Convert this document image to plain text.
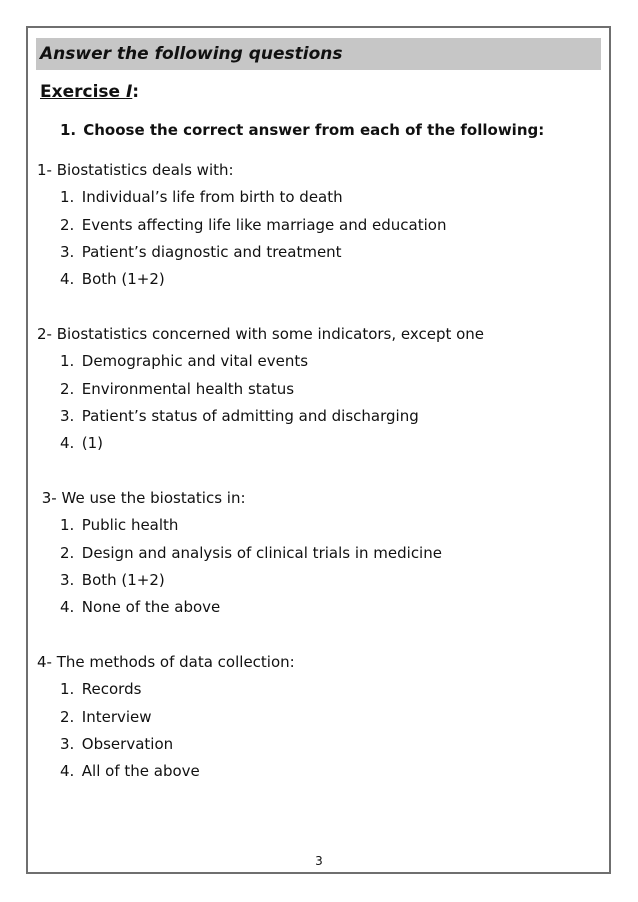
Answer the following questions
Exercise I:
1. Choose the correct answer from each of the following:
1- Biostatistics deals with:
1. Individual’s life from birth to death
2. Events affecting life like marriage and education
3. Patient’s diagnostic and treatment
4. Both (1+2)
2- Biostatistics concerned with some indicators, except one
1. Demographic and vital events
2. Environmental health status
3. Patient’s status of admitting and discharging
4. (1)
3- We use the biostatics in:
1. Public health
2. Design and analysis of clinical trials in medicine
3. Both (1+2)
4. None of the above
4- The methods of data collection:
1. Records
2. Interview
3. Observation
4. All of the above
3
